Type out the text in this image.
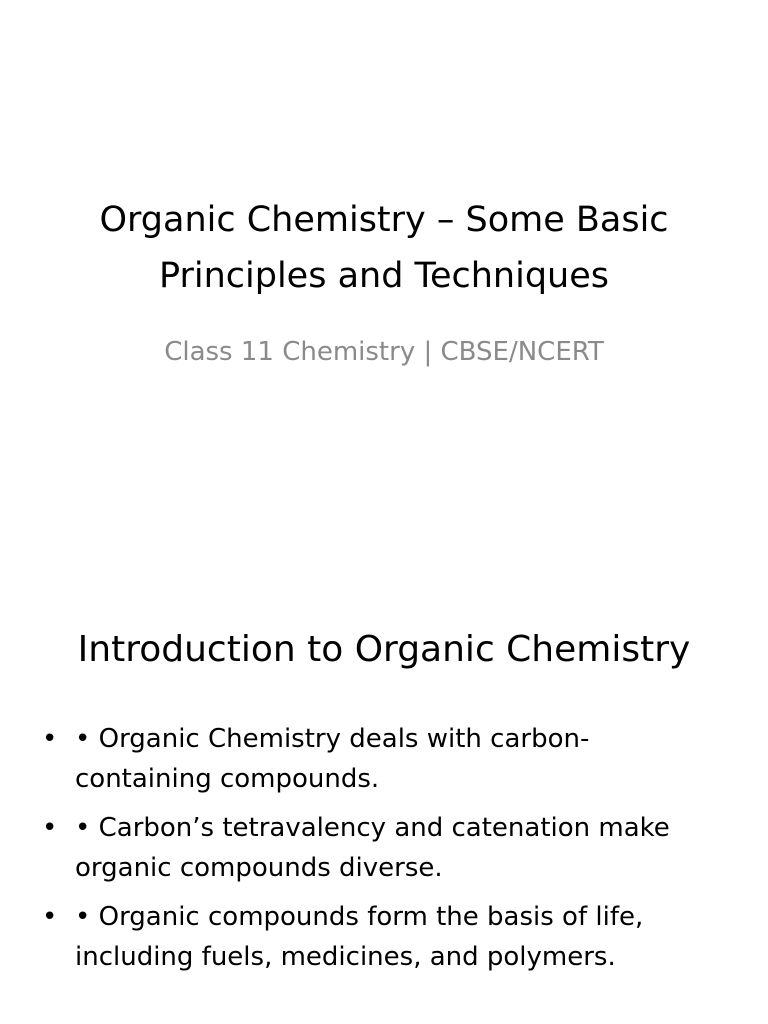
Organic Chemistry – Some Basic
Principles and Techniques
Class 11 Chemistry | CBSE/NCERT
Introduction to Organic Chemistry
• • Organic Chemistry deals with carbon-
containing compounds.
• • Carbon’s tetravalency and catenation make
organic compounds diverse.
• • Organic compounds form the basis of life,
including fuels, medicines, and polymers.
